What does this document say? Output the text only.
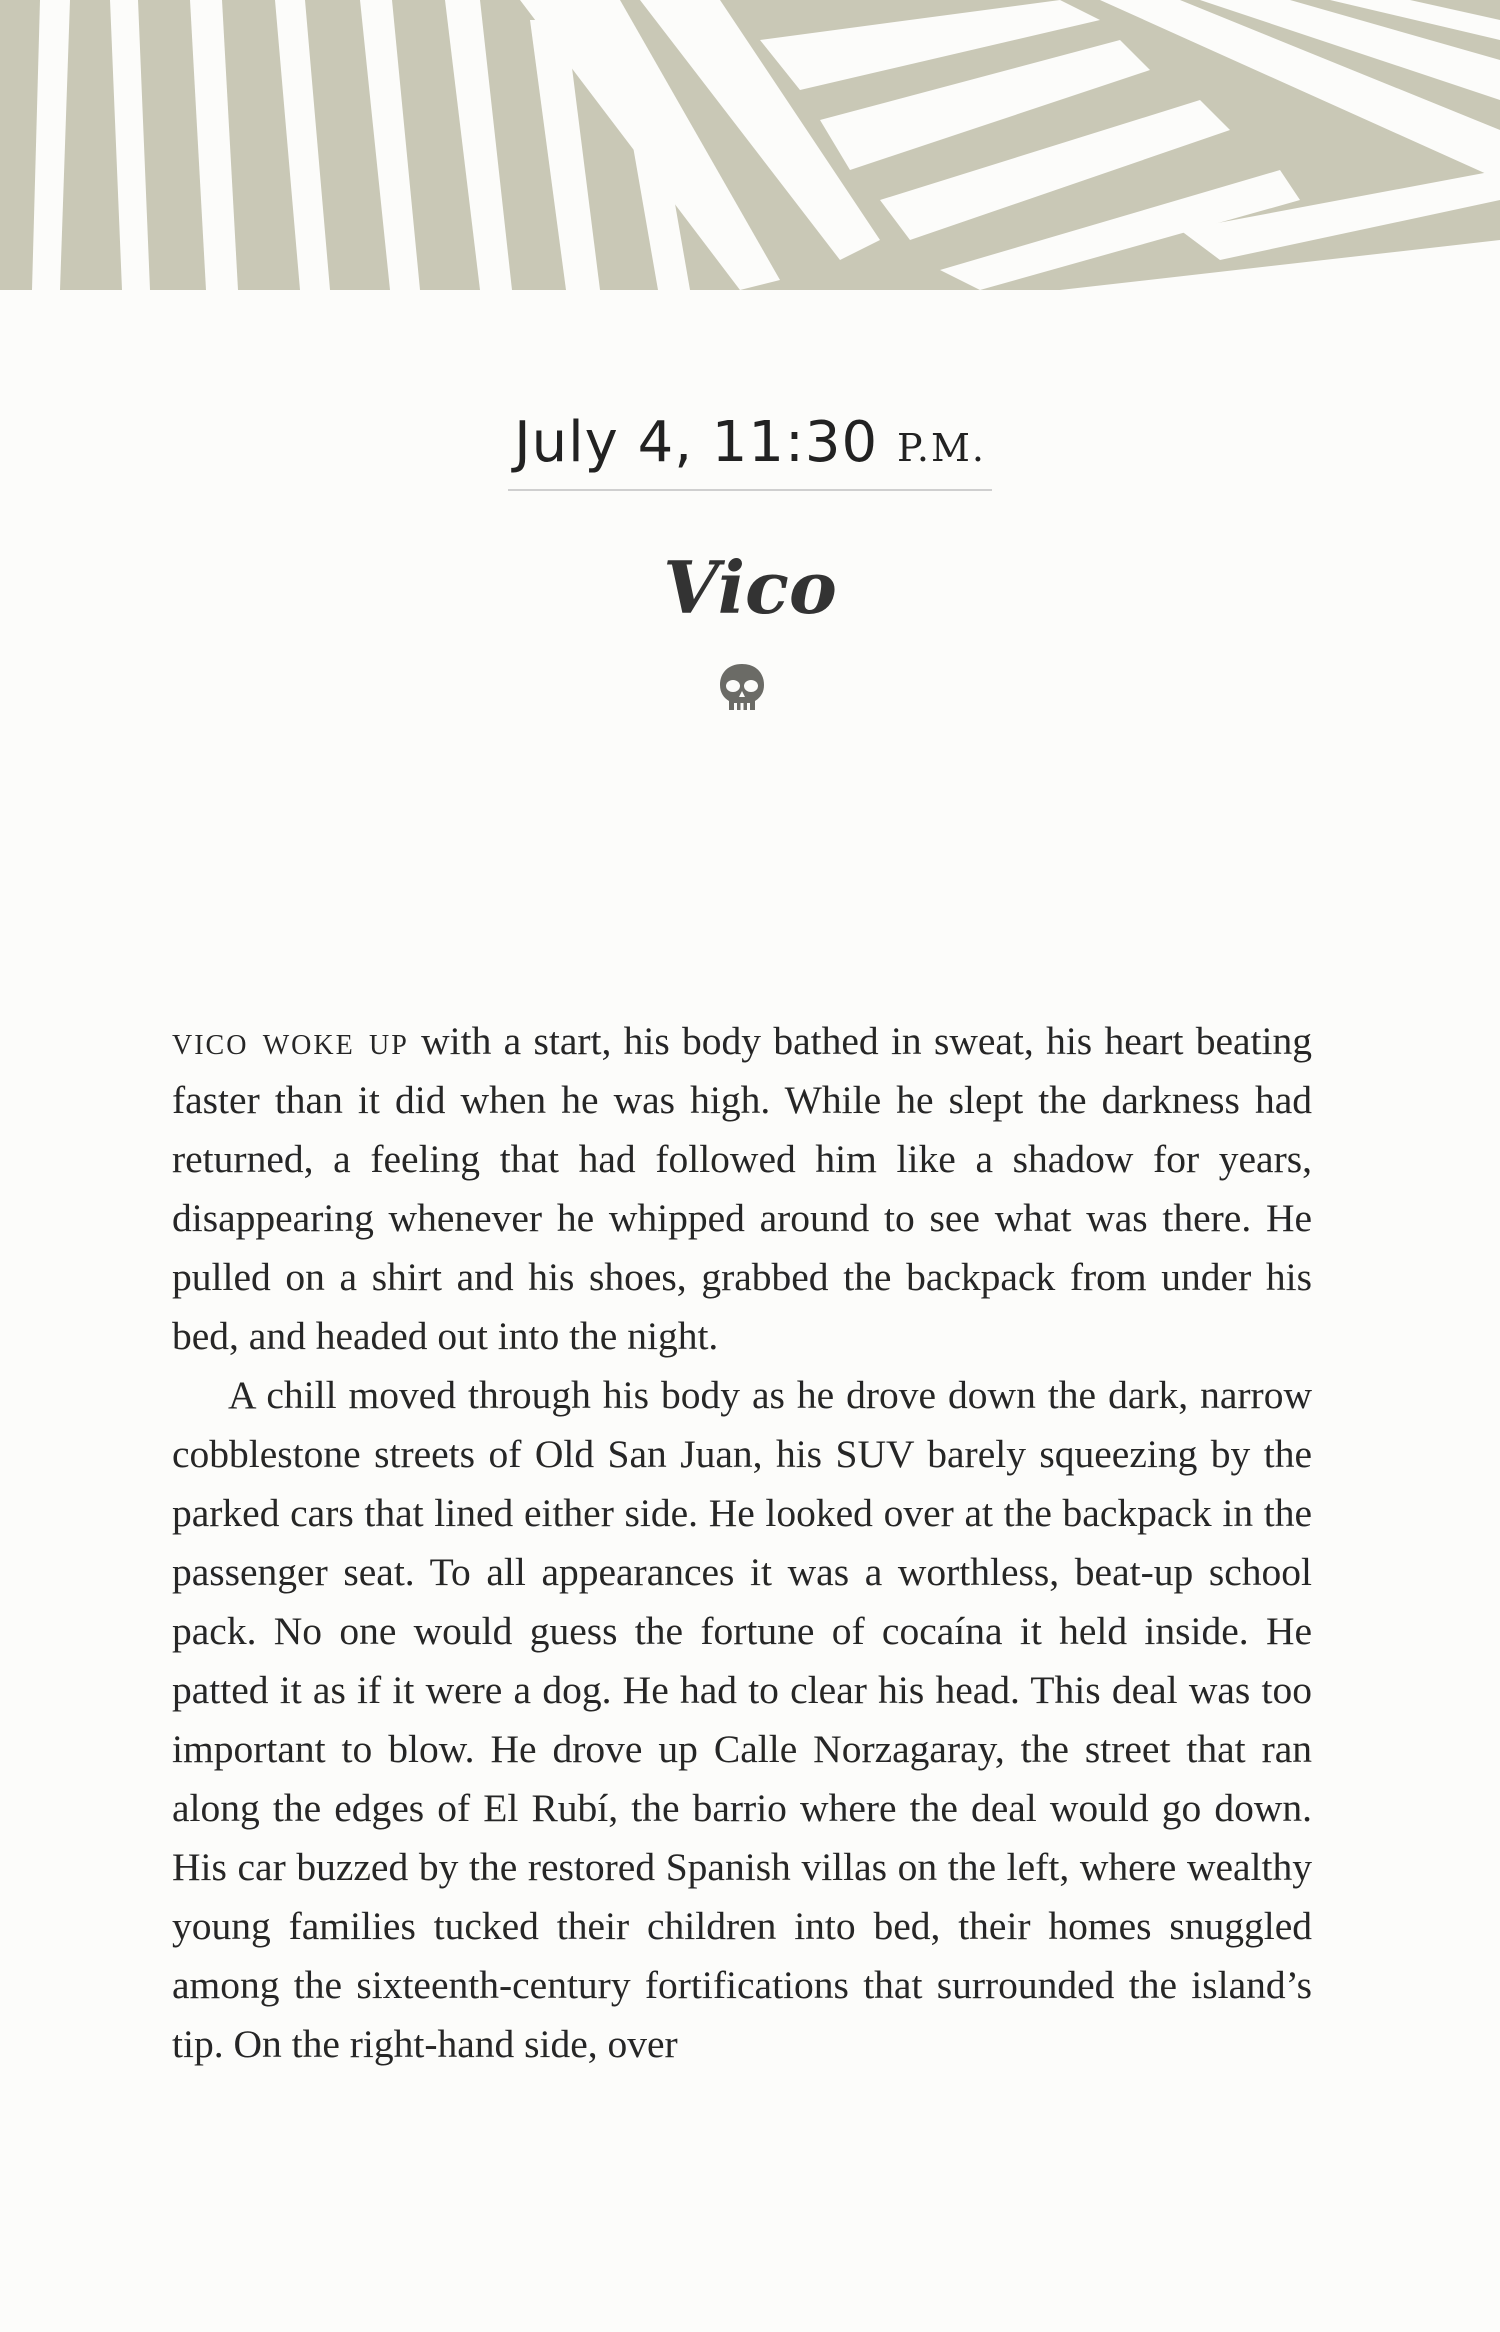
July 4, 11:30 P.M.
Vico

vico woke up with a start, his body bathed in sweat, his heart beating faster than it did when he was high. While he slept the darkness had returned, a feeling that had followed him like a shadow for years, disappearing whenever he whipped around to see what was there. He pulled on a shirt and his shoes, grabbed the backpack from under his bed, and headed out into the night.

A chill moved through his body as he drove down the dark, narrow cobblestone streets of Old San Juan, his SUV barely squeezing by the parked cars that lined either side. He looked over at the backpack in the passenger seat. To all appearances it was a worthless, beat-up school pack. No one would guess the fortune of cocaína it held inside. He patted it as if it were a dog. He had to clear his head. This deal was too important to blow. He drove up Calle Norzagaray, the street that ran along the edges of El Rubí, the barrio where the deal would go down. His car buzzed by the restored Spanish villas on the left, where wealthy young families tucked their children into bed, their homes snuggled among the sixteenth-century fortifications that surrounded the island’s tip. On the right-hand side, over
